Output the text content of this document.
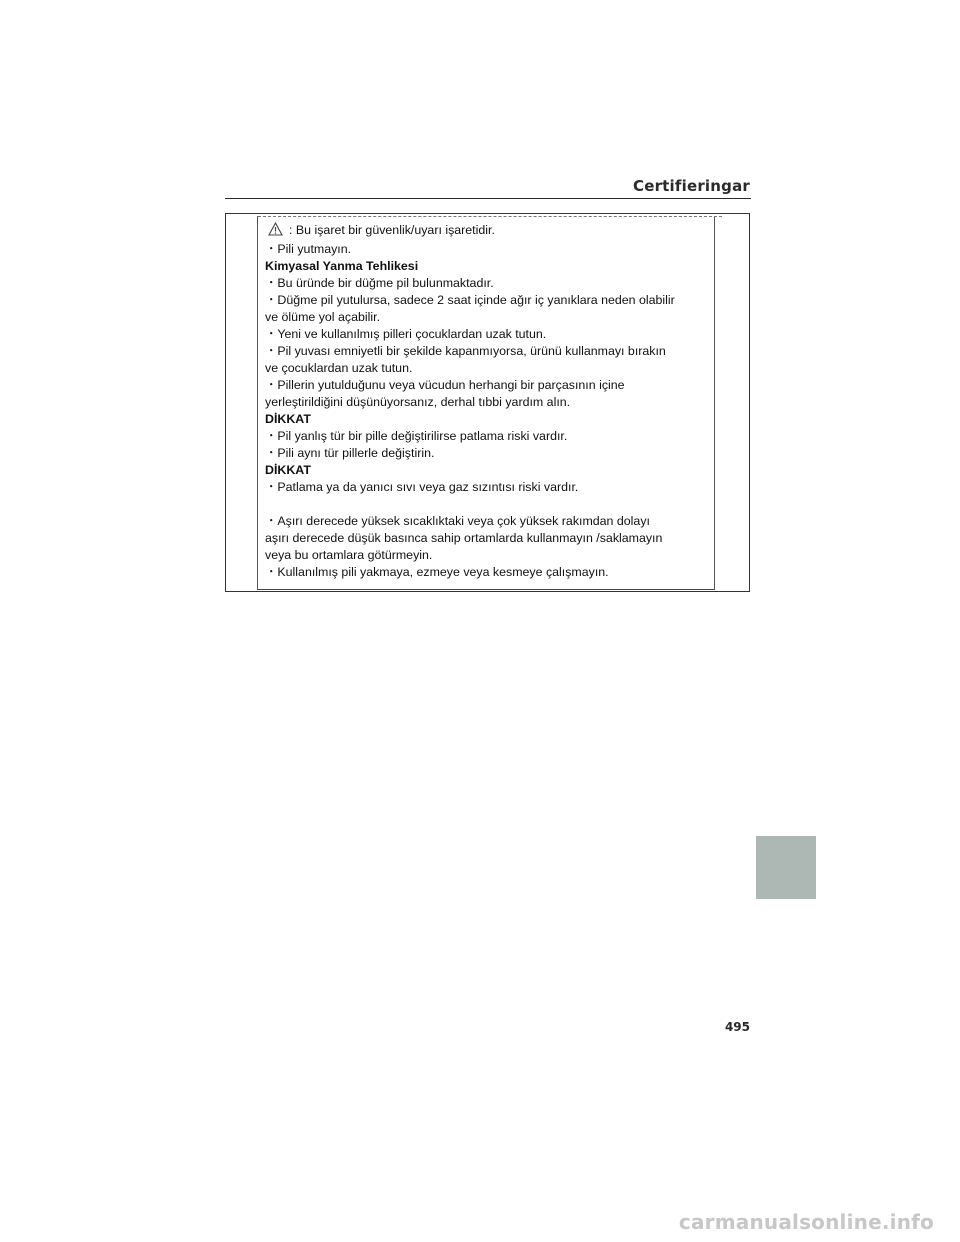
Certifieringar
: Bu işaret bir güvenlik/uyarı işaretidir.
・Pili yutmayın.
Kimyasal Yanma Tehlikesi
・Bu üründe bir düğme pil bulunmaktadır.
・Düğme pil yutulursa, sadece 2 saat içinde ağır iç yanıklara neden olabilir
ve ölüme yol açabilir.
・Yeni ve kullanılmış pilleri çocuklardan uzak tutun.
・Pil yuvası emniyetli bir şekilde kapanmıyorsa, ürünü kullanmayı bırakın
ve çocuklardan uzak tutun.
・Pillerin yutulduğunu veya vücudun herhangi bir parçasının içine
yerleştirildiğini düşünüyorsanız, derhal tıbbi yardım alın.
DİKKAT
・Pil yanlış tür bir pille değiştirilirse patlama riski vardır.
・Pili aynı tür pillerle değiştirin.
DİKKAT
・Patlama ya da yanıcı sıvı veya gaz sızıntısı riski vardır.
・Aşırı derecede yüksek sıcaklıktaki veya çok yüksek rakımdan dolayı
aşırı derecede düşük basınca sahip ortamlarda kullanmayın /saklamayın
veya bu ortamlara götürmeyin.
・Kullanılmış pili yakmaya, ezmeye veya kesmeye çalışmayın.
495
carmanualsonline.info
